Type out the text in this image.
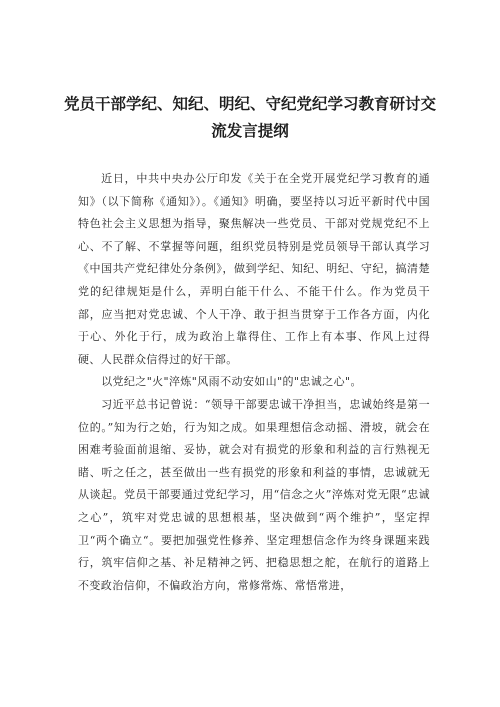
党员干部学纪、知纪、明纪、守纪党纪学习教育研讨交
流发言提纲

近日，中共中央办公厅印发《关于在全党开展党纪学习教育的通知》（以下简称《通知》）。《通知》明确，要坚持以习近平新时代中国特色社会主义思想为指导，聚焦解决一些党员、干部对党规党纪不上心、不了解、不掌握等问题，组织党员特别是党员领导干部认真学习《中国共产党纪律处分条例》，做到学纪、知纪、明纪、守纪，搞清楚党的纪律规矩是什么，弄明白能干什么、不能干什么。作为党员干部，应当把对党忠诚、个人干净、敢于担当贯穿于工作各方面，内化于心、外化于行，成为政治上靠得住、工作上有本事、作风上过得硬、人民群众信得过的好干部。

以党纪之"火"淬炼"风雨不动安如山"的"忠诚之心"。

习近平总书记曾说：“领导干部要忠诚干净担当，忠诚始终是第一位的。”知为行之始，行为知之成。如果理想信念动摇、滑坡，就会在困难考验面前退缩、妥协，就会对有损党的形象和利益的言行熟视无睹、听之任之，甚至做出一些有损党的形象和利益的事情，忠诚就无从谈起。党员干部要通过党纪学习，用“信念之火”淬炼对党无限“忠诚之心”，筑牢对党忠诚的思想根基，坚决做到“两个维护”，坚定捍卫“两个确立“。要把加强党性修养、坚定理想信念作为终身课题来践行，筑牢信仰之基、补足精神之钙、把稳思想之舵，在航行的道路上不变政治信仰，不偏政治方向，常修常炼、常悟常进，
